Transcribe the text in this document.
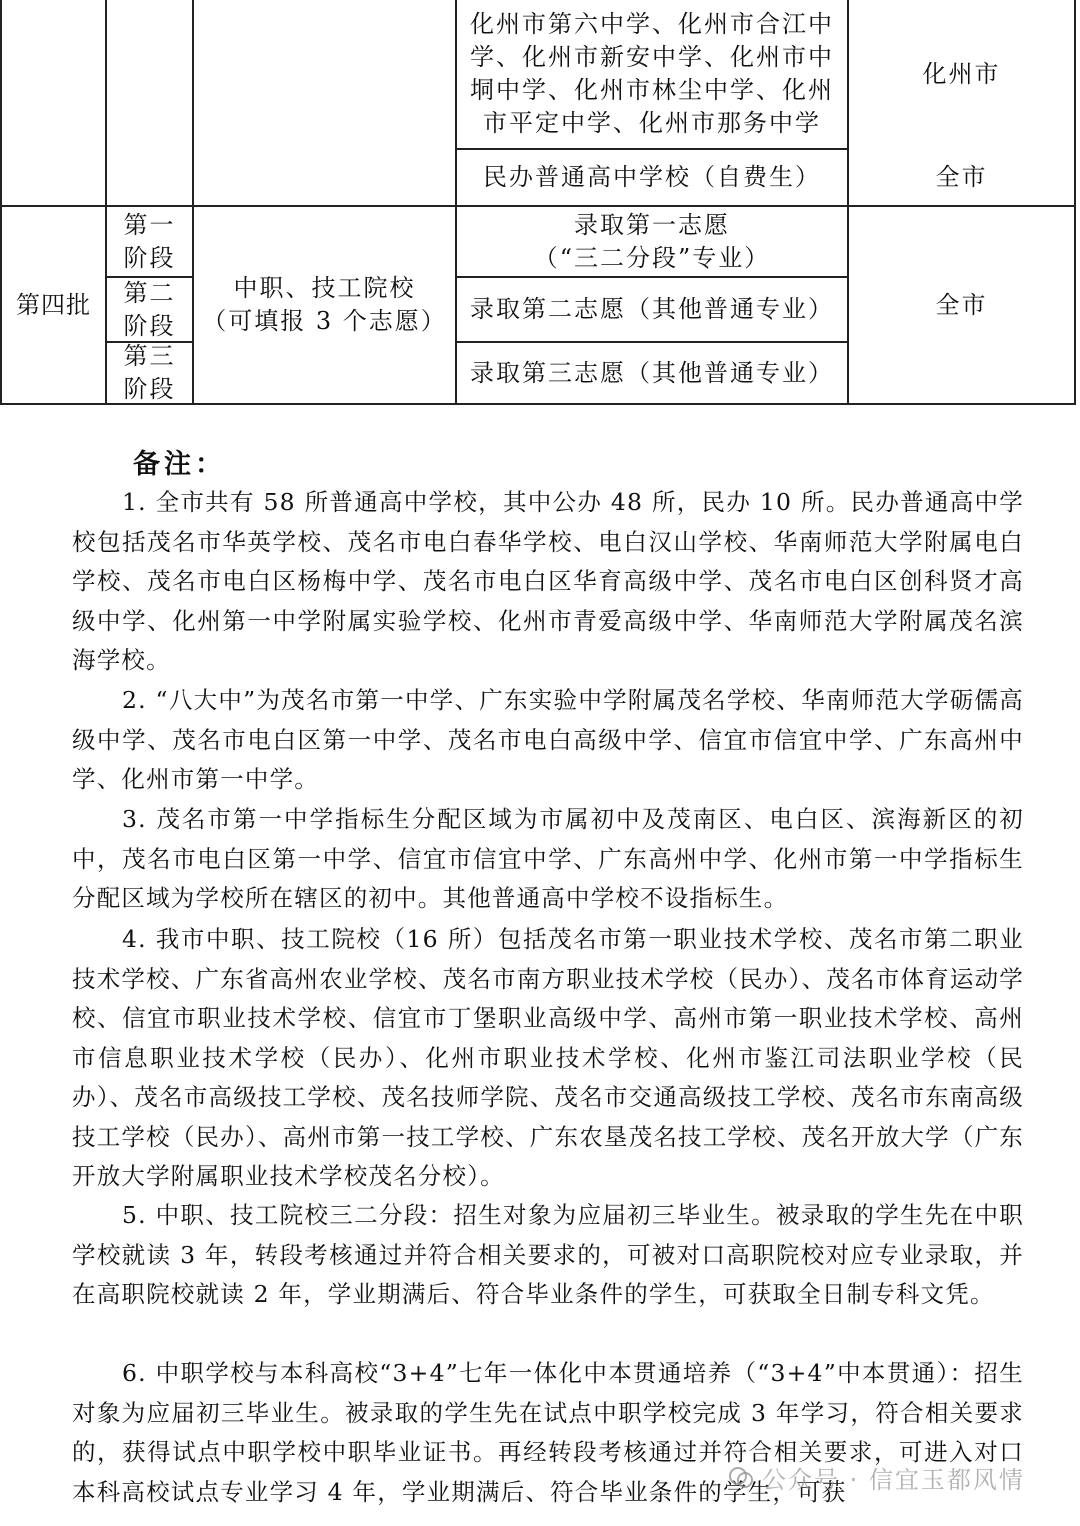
化州市第六中学、化州市合江中
学、化州市新安中学、化州市中
垌中学、化州市林尘中学、化州
市平定中学、化州市那务中学
化州市
民办普通高中学校（自费生）	全市
第四批
第一
阶段
第二
阶段
第三
阶段
中职、技工院校
（可填报 3 个志愿）
录取第一志愿
（“三二分段”专业）
录取第二志愿（其他普通专业）
录取第三志愿（其他普通专业）
全市
备注：

1. 全市共有 58 所普通高中学校，其中公办 48 所，民办 10 所。民办普通高中学校包括茂名市华英学校、茂名市电白春华学校、电白汉山学校、华南师范大学附属电白学校、茂名市电白区杨梅中学、茂名市电白区华育高级中学、茂名市电白区创科贤才高级中学、化州第一中学附属实验学校、化州市青爱高级中学、华南师范大学附属茂名滨海学校。

2. “八大中”为茂名市第一中学、广东实验中学附属茂名学校、华南师范大学砺儒高级中学、茂名市电白区第一中学、茂名市电白高级中学、信宜市信宜中学、广东高州中学、化州市第一中学。

3. 茂名市第一中学指标生分配区域为市属初中及茂南区、电白区、滨海新区的初中，茂名市电白区第一中学、信宜市信宜中学、广东高州中学、化州市第一中学指标生分配区域为学校所在辖区的初中。其他普通高中学校不设指标生。

4. 我市中职、技工院校（16 所）包括茂名市第一职业技术学校、茂名市第二职业技术学校、广东省高州农业学校、茂名市南方职业技术学校（民办）、茂名市体育运动学校、信宜市职业技术学校、信宜市丁堡职业高级中学、高州市第一职业技术学校、高州市信息职业技术学校（民办）、化州市职业技术学校、化州市鉴江司法职业学校（民办）、茂名市高级技工学校、茂名技师学院、茂名市交通高级技工学校、茂名市东南高级技工学校（民办）、高州市第一技工学校、广东农垦茂名技工学校、茂名开放大学（广东开放大学附属职业技术学校茂名分校）。

5. 中职、技工院校三二分段：招生对象为应届初三毕业生。被录取的学生先在中职学校就读 3 年，转段考核通过并符合相关要求的，可被对口高职院校对应专业录取，并在高职院校就读 2 年，学业期满后、符合毕业条件的学生，可获取全日制专科文凭。

6. 中职学校与本科高校“3+4”七年一体化中本贯通培养（“3+4”中本贯通）：招生对象为应届初三毕业生。被录取的学生先在试点中职学校完成 3 年学习，符合相关要求的，获得试点中职学校中职毕业证书。再经转段考核通过并符合相关要求，可进入对口本科高校试点专业学习 4 年，学业期满后、符合毕业条件的学生，可获

公众号 · 信宜玉都风情
